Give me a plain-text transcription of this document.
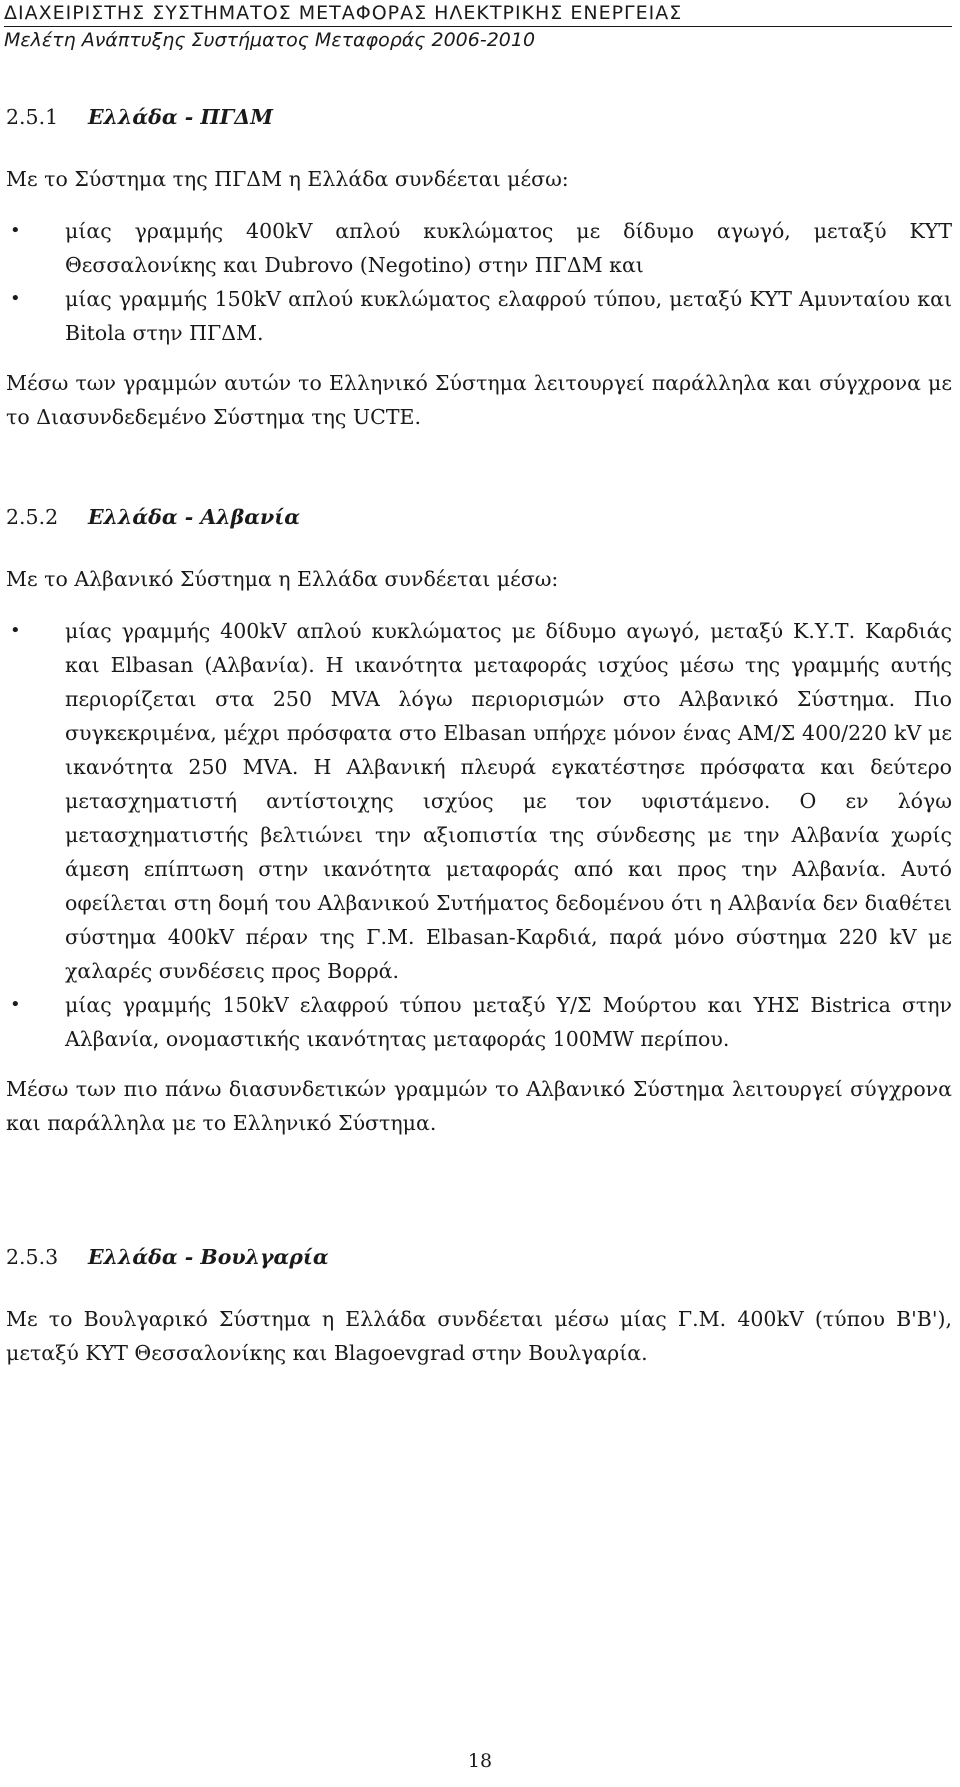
ΔΙΑΧΕΙΡΙΣΤΗΣ ΣΥΣΤΗΜΑΤΟΣ ΜΕΤΑΦΟΡΑΣ ΗΛΕΚΤΡΙΚΗΣ ΕΝΕΡΓΕΙΑΣ
Μελέτη Ανάπτυξης Συστήματος Μεταφοράς 2006-2010
2.5.1	Ελλάδα - ΠΓΔΜ

Με το Σύστημα της ΠΓΔΜ η Ελλάδα συνδέεται μέσω:

• μίας γραμμής 400kV απλού κυκλώματος με δίδυμο αγωγό, μεταξύ ΚΥΤ Θεσσαλονίκης και Dubrovo (Negotino) στην ΠΓΔΜ και
• μίας γραμμής 150kV απλού κυκλώματος ελαφρού τύπου, μεταξύ ΚΥΤ Αμυνταίου και Bitola στην ΠΓΔΜ.

Μέσω των γραμμών αυτών το Ελληνικό Σύστημα λειτουργεί παράλληλα και σύγχρονα με το Διασυνδεδεμένο Σύστημα της UCTE.

2.5.2	Ελλάδα - Αλβανία

Με το Αλβανικό Σύστημα η Ελλάδα συνδέεται μέσω:

• μίας γραμμής 400kV απλού κυκλώματος με δίδυμο αγωγό, μεταξύ Κ.Υ.Τ. Καρδιάς και Elbasan (Αλβανία). Η ικανότητα μεταφοράς ισχύος μέσω της γραμμής αυτής περιορίζεται στα 250 MVA λόγω περιορισμών στο Αλβανικό Σύστημα. Πιο συγκεκριμένα, μέχρι πρόσφατα στο Elbasan υπήρχε μόνον ένας ΑΜ/Σ 400/220 kV με ικανότητα 250 MVA. Η Αλβανική πλευρά εγκατέστησε πρόσφατα και δεύτερο μετασχηματιστή αντίστοιχης ισχύος με τον υφιστάμενο. Ο εν λόγω μετασχηματιστής βελτιώνει την αξιοπιστία της σύνδεσης με την Αλβανία χωρίς άμεση επίπτωση στην ικανότητα μεταφοράς από και προς την Αλβανία. Αυτό οφείλεται στη δομή του Αλβανικού Συτήματος δεδομένου ότι η Αλβανία δεν διαθέτει σύστημα 400kV πέραν της Γ.Μ. Elbasan-Καρδιά, παρά μόνο σύστημα 220 kV με χαλαρές συνδέσεις προς Βορρά.
• μίας γραμμής 150kV ελαφρού τύπου μεταξύ Υ/Σ Μούρτου και ΥΗΣ Bistrica στην Αλβανία, ονομαστικής ικανότητας μεταφοράς 100MW περίπου.

Μέσω των πιο πάνω διασυνδετικών γραμμών το Αλβανικό Σύστημα λειτουργεί σύγχρονα και παράλληλα με το Ελληνικό Σύστημα.

2.5.3	Ελλάδα - Βουλγαρία

Με το Βουλγαρικό Σύστημα η Ελλάδα συνδέεται μέσω μίας Γ.Μ. 400kV (τύπου Β'Β'), μεταξύ ΚΥΤ Θεσσαλονίκης και Blagoevgrad στην Βουλγαρία.

18
